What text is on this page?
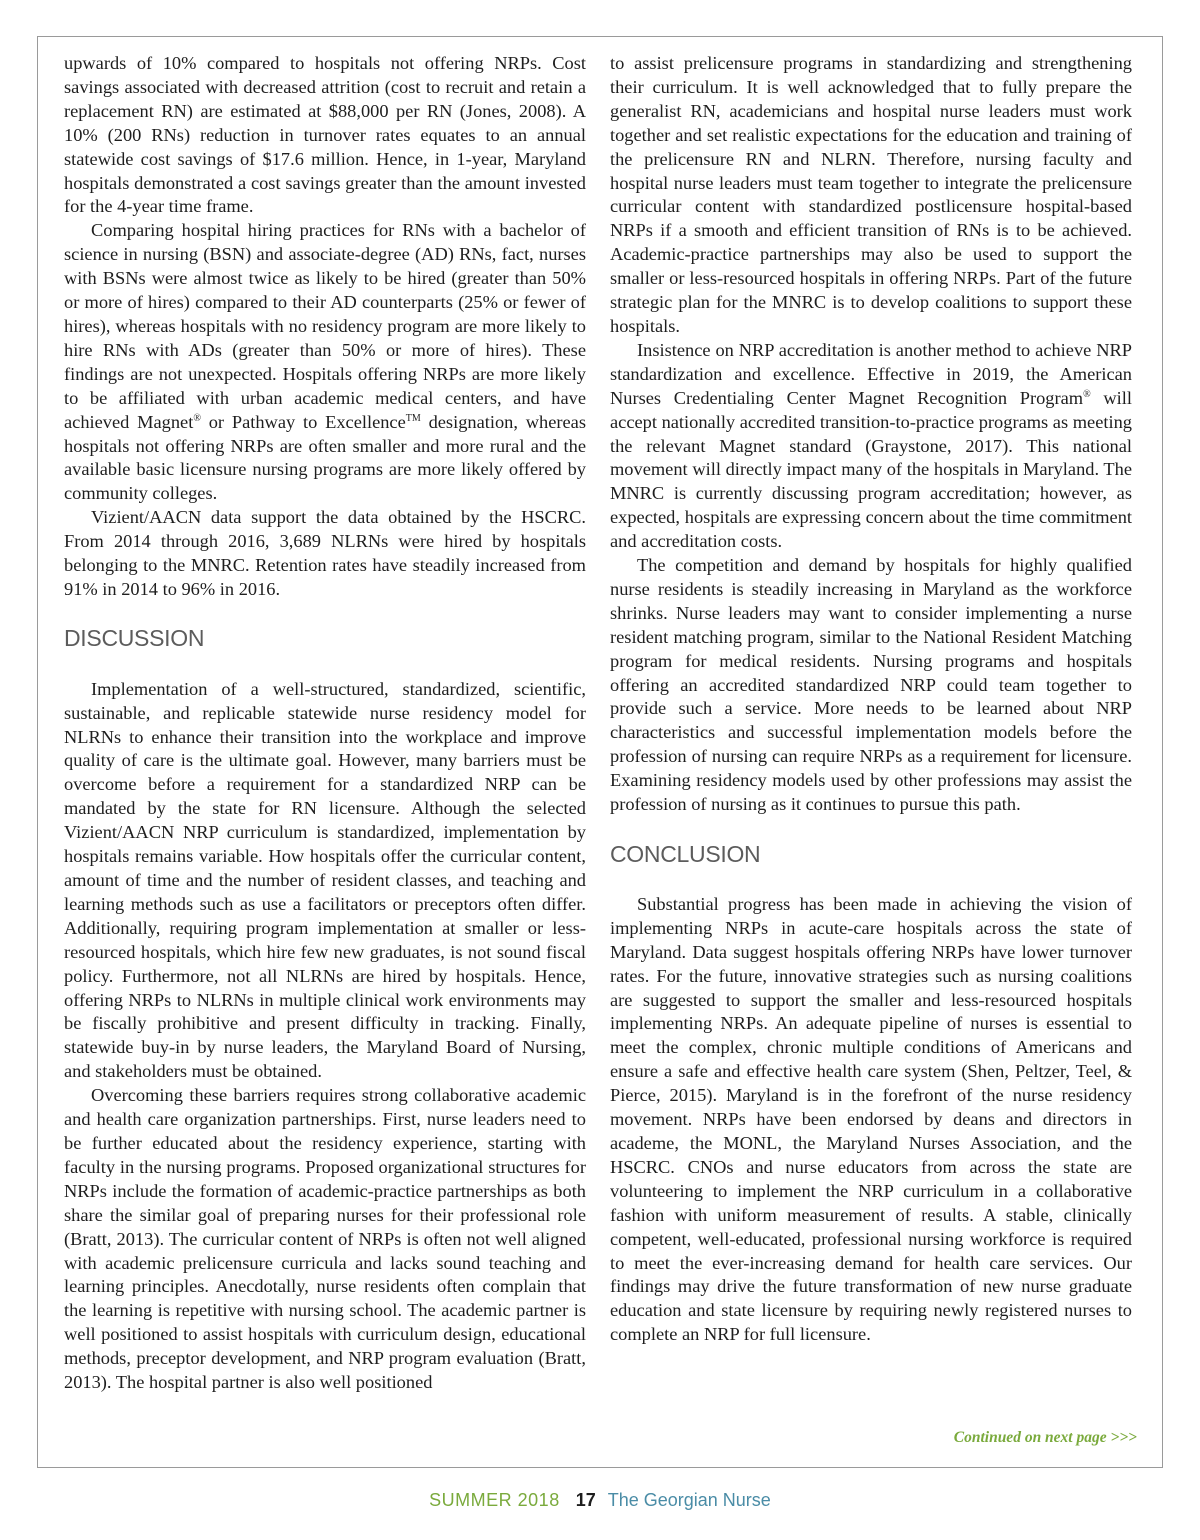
upwards of 10% compared to hospitals not offering NRPs. Cost savings associated with decreased attrition (cost to recruit and retain a replacement RN) are estimated at $88,000 per RN (Jones, 2008). A 10% (200 RNs) reduction in turnover rates equates to an annual statewide cost savings of $17.6 million. Hence, in 1-year, Maryland hospitals demonstrated a cost savings greater than the amount invested for the 4-year time frame.

Comparing hospital hiring practices for RNs with a bachelor of science in nursing (BSN) and associate-degree (AD) RNs, fact, nurses with BSNs were almost twice as likely to be hired (greater than 50% or more of hires) compared to their AD counterparts (25% or fewer of hires), whereas hospitals with no residency program are more likely to hire RNs with ADs (greater than 50% or more of hires). These findings are not unexpected. Hospitals offering NRPs are more likely to be affiliated with urban academic medical centers, and have achieved Magnet® or Pathway to Excellence™ designation, whereas hospitals not offering NRPs are often smaller and more rural and the available basic licensure nursing programs are more likely offered by community colleges.

Vizient/AACN data support the data obtained by the HSCRC. From 2014 through 2016, 3,689 NLRNs were hired by hospitals belonging to the MNRC. Retention rates have steadily increased from 91% in 2014 to 96% in 2016.

DISCUSSION

Implementation of a well-structured, standardized, scientific, sustainable, and replicable statewide nurse residency model for NLRNs to enhance their transition into the workplace and improve quality of care is the ultimate goal. However, many barriers must be overcome before a requirement for a standardized NRP can be mandated by the state for RN licensure. Although the selected Vizient/AACN NRP curriculum is standardized, implementation by hospitals remains variable. How hospitals offer the curricular content, amount of time and the number of resident classes, and teaching and learning methods such as use a facilitators or preceptors often differ. Additionally, requiring program implementation at smaller or less-resourced hospitals, which hire few new graduates, is not sound fiscal policy. Furthermore, not all NLRNs are hired by hospitals. Hence, offering NRPs to NLRNs in multiple clinical work environments may be fiscally prohibitive and present difficulty in tracking. Finally, statewide buy-in by nurse leaders, the Maryland Board of Nursing, and stakeholders must be obtained.

Overcoming these barriers requires strong collaborative academic and health care organization partnerships. First, nurse leaders need to be further educated about the residency experience, starting with faculty in the nursing programs. Proposed organizational structures for NRPs include the formation of academic-practice partnerships as both share the similar goal of preparing nurses for their professional role (Bratt, 2013). The curricular content of NRPs is often not well aligned with academic prelicensure curricula and lacks sound teaching and learning principles. Anecdotally, nurse residents often complain that the learning is repetitive with nursing school. The academic partner is well positioned to assist hospitals with curriculum design, educational methods, preceptor development, and NRP program evaluation (Bratt, 2013). The hospital partner is also well positioned

to assist prelicensure programs in standardizing and strengthening their curriculum. It is well acknowledged that to fully prepare the generalist RN, academicians and hospital nurse leaders must work together and set realistic expectations for the education and training of the prelicensure RN and NLRN. Therefore, nursing faculty and hospital nurse leaders must team together to integrate the prelicensure curricular content with standardized postlicensure hospital-based NRPs if a smooth and efficient transition of RNs is to be achieved. Academic-practice partnerships may also be used to support the smaller or less-resourced hospitals in offering NRPs. Part of the future strategic plan for the MNRC is to develop coalitions to support these hospitals.

Insistence on NRP accreditation is another method to achieve NRP standardization and excellence. Effective in 2019, the American Nurses Credentialing Center Magnet Recognition Program® will accept nationally accredited transition-to-practice programs as meeting the relevant Magnet standard (Graystone, 2017). This national movement will directly impact many of the hospitals in Maryland. The MNRC is currently discussing program accreditation; however, as expected, hospitals are expressing concern about the time commitment and accreditation costs.

The competition and demand by hospitals for highly qualified nurse residents is steadily increasing in Maryland as the workforce shrinks. Nurse leaders may want to consider implementing a nurse resident matching program, similar to the National Resident Matching program for medical residents. Nursing programs and hospitals offering an accredited standardized NRP could team together to provide such a service. More needs to be learned about NRP characteristics and successful implementation models before the profession of nursing can require NRPs as a requirement for licensure. Examining residency models used by other professions may assist the profession of nursing as it continues to pursue this path.

CONCLUSION

Substantial progress has been made in achieving the vision of implementing NRPs in acute-care hospitals across the state of Maryland. Data suggest hospitals offering NRPs have lower turnover rates. For the future, innovative strategies such as nursing coalitions are suggested to support the smaller and less-resourced hospitals implementing NRPs. An adequate pipeline of nurses is essential to meet the complex, chronic multiple conditions of Americans and ensure a safe and effective health care system (Shen, Peltzer, Teel, & Pierce, 2015). Maryland is in the forefront of the nurse residency movement. NRPs have been endorsed by deans and directors in academe, the MONL, the Maryland Nurses Association, and the HSCRC. CNOs and nurse educators from across the state are volunteering to implement the NRP curriculum in a collaborative fashion with uniform measurement of results. A stable, clinically competent, well-educated, professional nursing workforce is required to meet the ever-increasing demand for health care services. Our findings may drive the future transformation of new nurse graduate education and state licensure by requiring newly registered nurses to complete an NRP for full licensure.

Continued on next page >>>
SUMMER 2018 17 The Georgian Nurse
